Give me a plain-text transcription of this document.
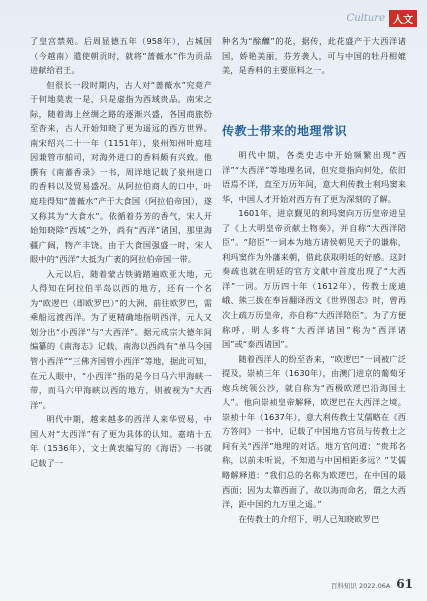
Culture 人文

了皇宫禁苑。后周显德五年（958年），占城国（今越南）遣使朝贡时，就将“蔷薇水”作为贡品进献给君王。

但很长一段时期内，古人对“蔷薇水”究竟产于何地莫衷一是，只是虚指为西域贵品。南宋之际，随着海上丝绸之路的逐渐兴盛，各国商旅纷至沓来，古人开始知晓了更为遥远的西方世界。南宋绍兴二十一年（1151年），泉州知州叶庭珪因兼管市舶司，对海外进口的香料颇有兴致。他撰有《南蕃香录》一书，周详地记载了泉州进口的香料以及贸易盛况。从阿拉伯商人的口中，叶庭珪得知“蔷薇水”产于大食国（阿拉伯帝国），遂又称其为“大食水”。依循着芬芳的香气，宋人开始知晓除“西域”之外，尚有“西洋”诸国，那里海疆广阔，物产丰饶。由于大食国强盛一时，宋人眼中的“西洋”大抵为广袤的阿拉伯帝国一带。

入元以后，随着蒙古铁骑踏遍欧亚大地，元人得知在阿拉伯半岛以西的地方，还有一个名为“欧逻巴（即欧罗巴）”的大洲，前往欧罗巴，需乘船远渡西洋。为了更精确地指明西洋，元人又划分出“小西洋”与“大西洋”。据元成宗大德年间编纂的《南海志》记载，南海以西尚有“单马令国管小西洋”“三佛齐国管小西洋”等地，据此可知，在元人眼中，“小西洋”指的是今日马六甲海峡一带，而马六甲海峡以西的地方，则被视为“大西洋”。

明代中期，越来越多的西洋人来华贸易，中国人对“大西洋”有了更为具体的认知。嘉靖十五年（1536年），文士黄衷编写的《海语》一书就记载了一

种名为“酴醾”的花，据传，此花盛产于大西洋诸国，娇艳美丽，芬芳袭人，可与中国的牡丹相媲美，是香料的主要原料之一。

传教士带来的地理常识

明代中期，各类史志中开始频繁出现“西洋”“大西洋”等地理名词，但究竟指向何处，依旧语焉不详，直至万历年间，意大利传教士利玛窦来华，中国人才开始对西方有了更为深刻的了解。

1601年，进京觐见的利玛窦向万历皇帝进呈了《上大明皇帝贡献土物奏》，并自称“大西洋陪臣”。“陪臣”一词本为地方诸侯朝见天子的谦称，利玛窦作为外藩来朝，借此获取明廷的好感。这封奏疏也就在明廷的官方文献中首度出现了“大西洋”一词。万历四十年（1612年），传教士庞迪峨、熊三拔在奉旨翻译西文《世界图志》时，曾再次上疏万历皇帝，亦自称“大西洋陪臣”。为了方便称呼，明人多将“大西洋诸国”称为“西洋诸国”或“泰西诸国”。

随着西洋人的纷至沓来，“欧逻巴”一词被广泛提及，崇祯三年（1630年），由澳门进京的葡萄牙炮兵统领公沙，就自称为“西极欧逻巴沿海国土人”。他向崇祯皇帝解释，欧逻巴在大西洋之境。崇祯十年（1637年），意大利传教士艾儒略在《西方答问》一书中，记载了中国地方官员与传教士之间有关“西洋”地理的对话。地方官问道：“贵邦名称，以前未听说，不知道与中国相距多远？”艾儒略解释道：“我们总的名称为欧逻巴，在中国的最西面；因为太靠西面了，故以海而命名，谓之大西洋，距中国约九万里之遥。”

在传教士的介绍下，明人已知晓欧罗巴

百科知识 2022.06A 61
